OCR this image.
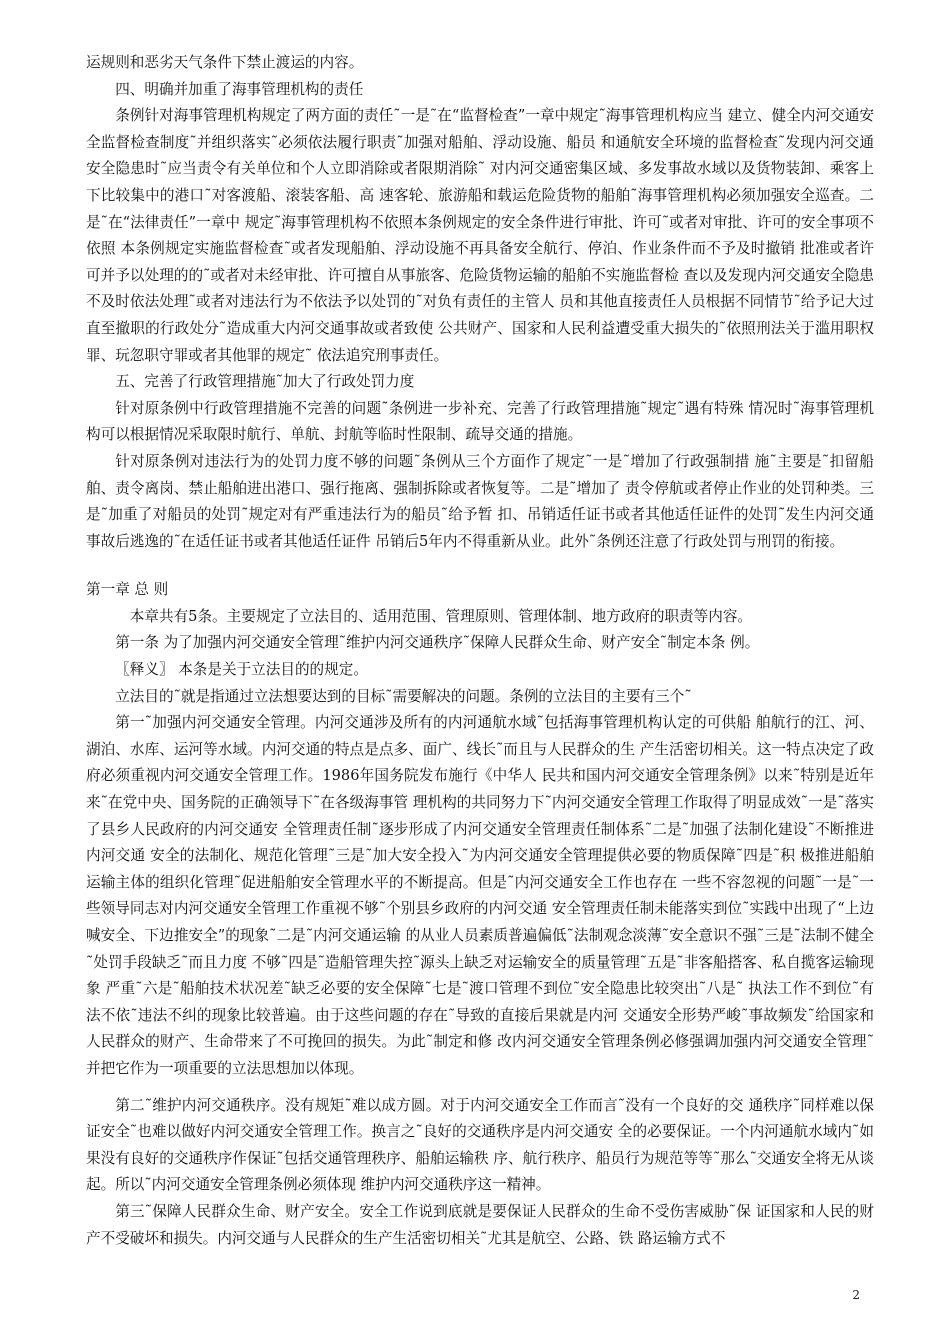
运规则和恶劣天气条件下禁止渡运的内容。

四、明确并加重了海事管理机构的责任

条例针对海事管理机构规定了两方面的责任˜一是˜在“监督检查”一章中规定˜海事管理机构应当 建立、健全内河交通安全监督检查制度˜并组织落实˜必须依法履行职责˜加强对船舶、浮动设施、船员 和通航安全环境的监督检查˜发现内河交通安全隐患时˜应当责令有关单位和个人立即消除或者限期消除˜ 对内河交通密集区域、多发事故水域以及货物装卸、乘客上下比较集中的港口˜对客渡船、滚装客船、高 速客轮、旅游船和载运危险货物的船舶˜海事管理机构必须加强安全巡查。二是˜在“法律责任”一章中 规定˜海事管理机构不依照本条例规定的安全条件进行审批、许可˜或者对审批、许可的安全事项不依照 本条例规定实施监督检查˜或者发现船舶、浮动设施不再具备安全航行、停泊、作业条件而不予及时撤销 批准或者许可并予以处理的的˜或者对未经审批、许可擅自从事旅客、危险货物运输的船舶不实施监督检 查以及发现内河交通安全隐患不及时依法处理˜或者对违法行为不依法予以处罚的˜对负有责任的主管人 员和其他直接责任人员根据不同情节˜给予记大过直至撤职的行政处分˜造成重大内河交通事故或者致使 公共财产、国家和人民利益遭受重大损失的˜依照刑法关于滥用职权罪、玩忽职守罪或者其他罪的规定˜ 依法追究刑事责任。

五、完善了行政管理措施˜加大了行政处罚力度

针对原条例中行政管理措施不完善的问题˜条例进一步补充、完善了行政管理措施˜规定˜遇有特殊 情况时˜海事管理机构可以根据情况采取限时航行、单航、封航等临时性限制、疏导交通的措施。

针对原条例对违法行为的处罚力度不够的问题˜条例从三个方面作了规定˜一是˜增加了行政强制措 施˜主要是˜扣留船舶、责令离岗、禁止船舶进出港口、强行拖离、强制拆除或者恢复等。二是˜增加了 责令停航或者停止作业的处罚种类。三是˜加重了对船员的处罚˜规定对有严重违法行为的船员˜给予暂 扣、吊销适任证书或者其他适任证件的处罚˜发生内河交通事故后逃逸的˜在适任证书或者其他适任证件 吊销后5年内不得重新从业。此外˜条例还注意了行政处罚与刑罚的衔接。

第一章 总 则

本章共有5条。主要规定了立法目的、适用范围、管理原则、管理体制、地方政府的职责等内容。

第一条 为了加强内河交通安全管理˜维护内河交通秩序˜保障人民群众生命、财产安全˜制定本条 例。

〖释义〗 本条是关于立法目的的规定。

立法目的˜就是指通过立法想要达到的目标˜需要解决的问题。条例的立法目的主要有三个˜

第一˜加强内河交通安全管理。内河交通涉及所有的内河通航水域˜包括海事管理机构认定的可供船 舶航行的江、河、湖泊、水库、运河等水域。内河交通的特点是点多、面广、线长˜而且与人民群众的生 产生活密切相关。这一特点决定了政府必须重视内河交通安全管理工作。1986年国务院发布施行《中华人 民共和国内河交通安全管理条例》以来˜特别是近年来˜在党中央、国务院的正确领导下˜在各级海事管 理机构的共同努力下˜内河交通安全管理工作取得了明显成效˜一是˜落实了县乡人民政府的内河交通安 全管理责任制˜逐步形成了内河交通安全管理责任制体系˜二是˜加强了法制化建设˜不断推进内河交通 安全的法制化、规范化管理˜三是˜加大安全投入˜为内河交通安全管理提供必要的物质保障˜四是˜积 极推进船舶运输主体的组织化管理˜促进船舶安全管理水平的不断提高。但是˜内河交通安全工作也存在 一些不容忽视的问题˜一是˜一些领导同志对内河交通安全管理工作重视不够˜个别县乡政府的内河交通 安全管理责任制未能落实到位˜实践中出现了“上边喊安全、下边推安全”的现象˜二是˜内河交通运输 的从业人员素质普遍偏低˜法制观念淡薄˜安全意识不强˜三是˜法制不健全˜处罚手段缺乏˜而且力度 不够˜四是˜造船管理失控˜源头上缺乏对运输安全的质量管理˜五是˜非客船搭客、私自揽客运输现象 严重˜六是˜船舶技术状况差˜缺乏必要的安全保障˜七是˜渡口管理不到位˜安全隐患比较突出˜八是˜ 执法工作不到位˜有法不依˜违法不纠的现象比较普遍。由于这些问题的存在˜导致的直接后果就是内河 交通安全形势严峻˜事故频发˜给国家和人民群众的财产、生命带来了不可挽回的损失。为此˜制定和修 改内河交通安全管理条例必修强调加强内河交通安全管理˜并把它作为一项重要的立法思想加以体现。

第二˜维护内河交通秩序。没有规矩˜难以成方圆。对于内河交通安全工作而言˜没有一个良好的交 通秩序˜同样难以保证安全˜也难以做好内河交通安全管理工作。换言之˜良好的交通秩序是内河交通安 全的必要保证。一个内河通航水域内˜如果没有良好的交通秩序作保证˜包括交通管理秩序、船舶运输秩 序、航行秩序、船员行为规范等等˜那么˜交通安全将无从谈起。所以˜内河交通安全管理条例必须体现 维护内河交通秩序这一精神。

第三˜保障人民群众生命、财产安全。安全工作说到底就是要保证人民群众的生命不受伤害威胁˜保 证国家和人民的财产不受破坏和损失。内河交通与人民群众的生产生活密切相关˜尤其是航空、公路、铁 路运输方式不

2
